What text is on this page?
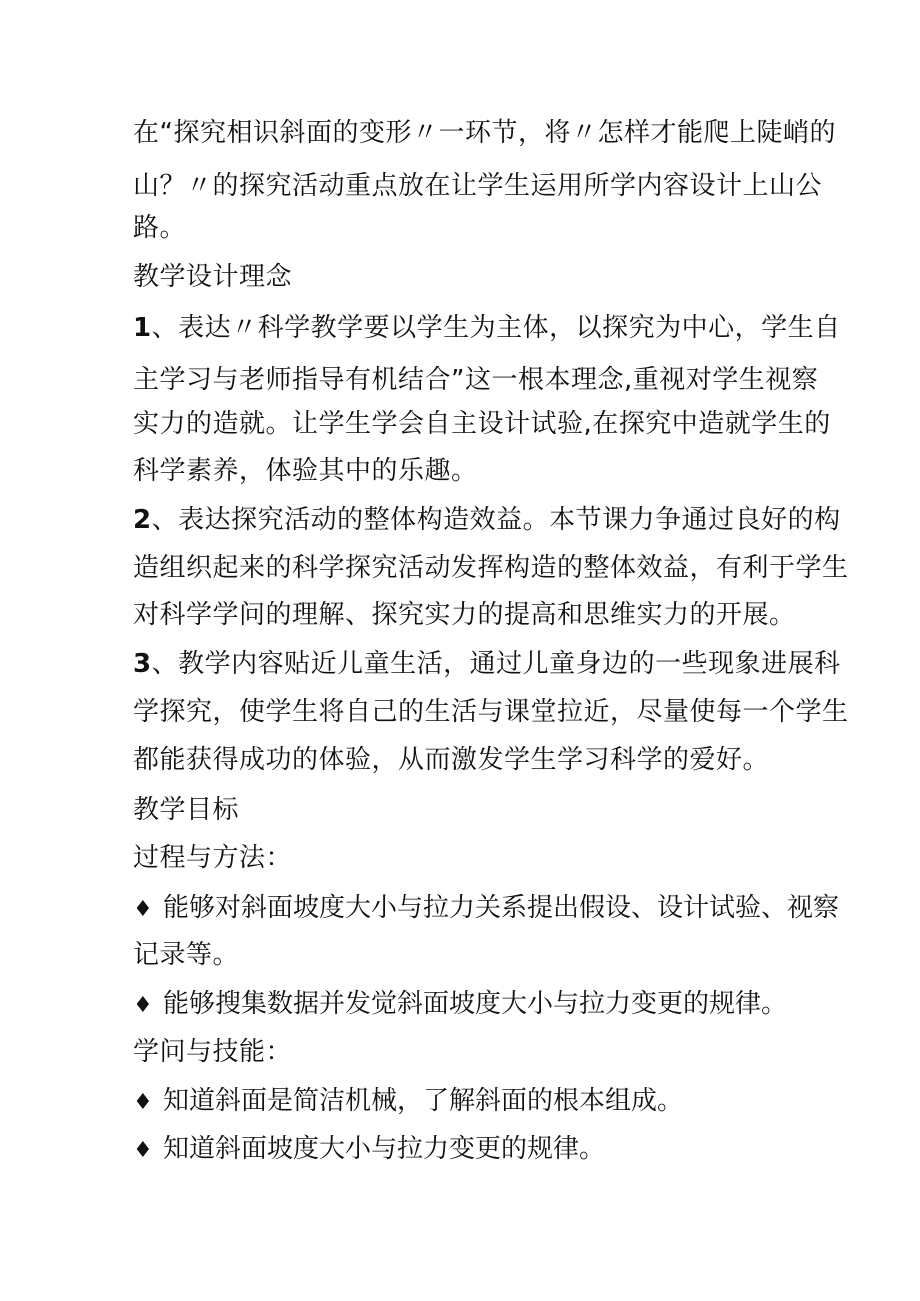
在“探究相识斜面的变形〃一环节，将〃怎样才能爬上陡峭的
山？〃的探究活动重点放在让学生运用所学内容设计上山公
路。
教学设计理念
1、表达〃科学教学要以学生为主体，以探究为中心，学生自
主学习与老师指导有机结合”这一根本理念,重视对学生视察
实力的造就。让学生学会自主设计试验,在探究中造就学生的
科学素养，体验其中的乐趣。
2、表达探究活动的整体构造效益。本节课力争通过良好的构
造组织起来的科学探究活动发挥构造的整体效益，有利于学生
对科学学问的理解、探究实力的提高和思维实力的开展。
3、教学内容贴近儿童生活，通过儿童身边的一些现象进展科
学探究，使学生将自己的生活与课堂拉近，尽量使每一个学生
都能获得成功的体验，从而激发学生学习科学的爱好。
教学目标
过程与方法：
♦ 能够对斜面坡度大小与拉力关系提出假设、设计试验、视察
记录等。
♦ 能够搜集数据并发觉斜面坡度大小与拉力变更的规律。
学问与技能：
♦ 知道斜面是简洁机械，了解斜面的根本组成。
♦ 知道斜面坡度大小与拉力变更的规律。
